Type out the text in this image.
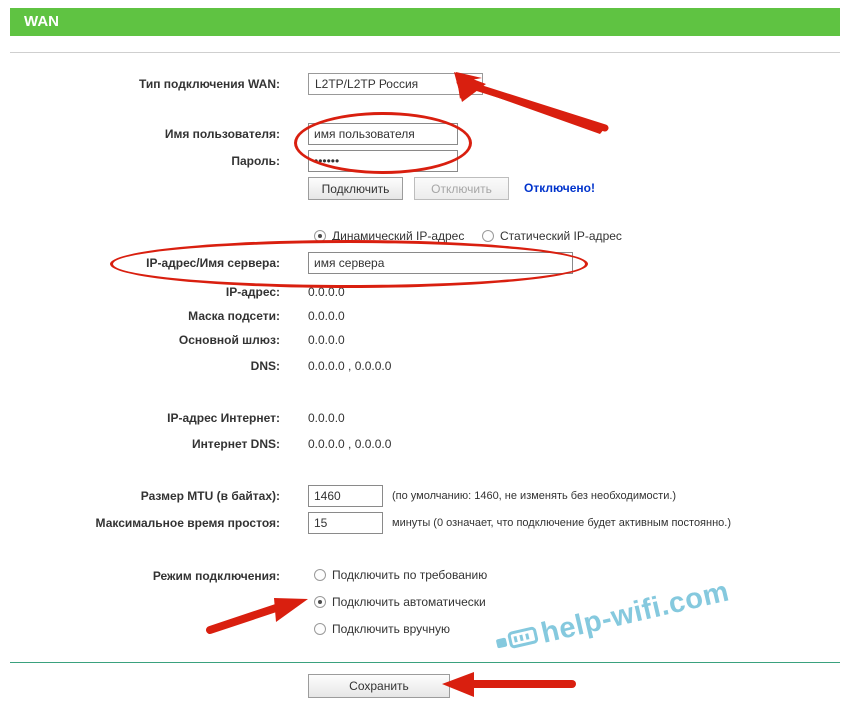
WAN
Тип подключения WAN:
L2TP/L2TP Россия
Имя пользователя:
имя пользователя
Пароль:
••••••
Подключить	Отключить	Отключено!
Динамический IP-адрес	Статический IP-адрес
IP-адрес/Имя сервера:
имя сервера
IP-адрес: 0.0.0.0
Маска подсети: 0.0.0.0
Основной шлюз: 0.0.0.0
DNS: 0.0.0.0 , 0.0.0.0
IP-адрес Интернет: 0.0.0.0
Интернет DNS: 0.0.0.0 , 0.0.0.0
Размер MTU (в байтах):
1460	(по умолчанию: 1460, не изменять без необходимости.)
Максимальное время простоя:
15	минуты (0 означает, что подключение будет активным постоянно.)
Режим подключения:	Подключить по требованию
Подключить автоматически
Подключить вручную
Сохранить
help-wifi.com
